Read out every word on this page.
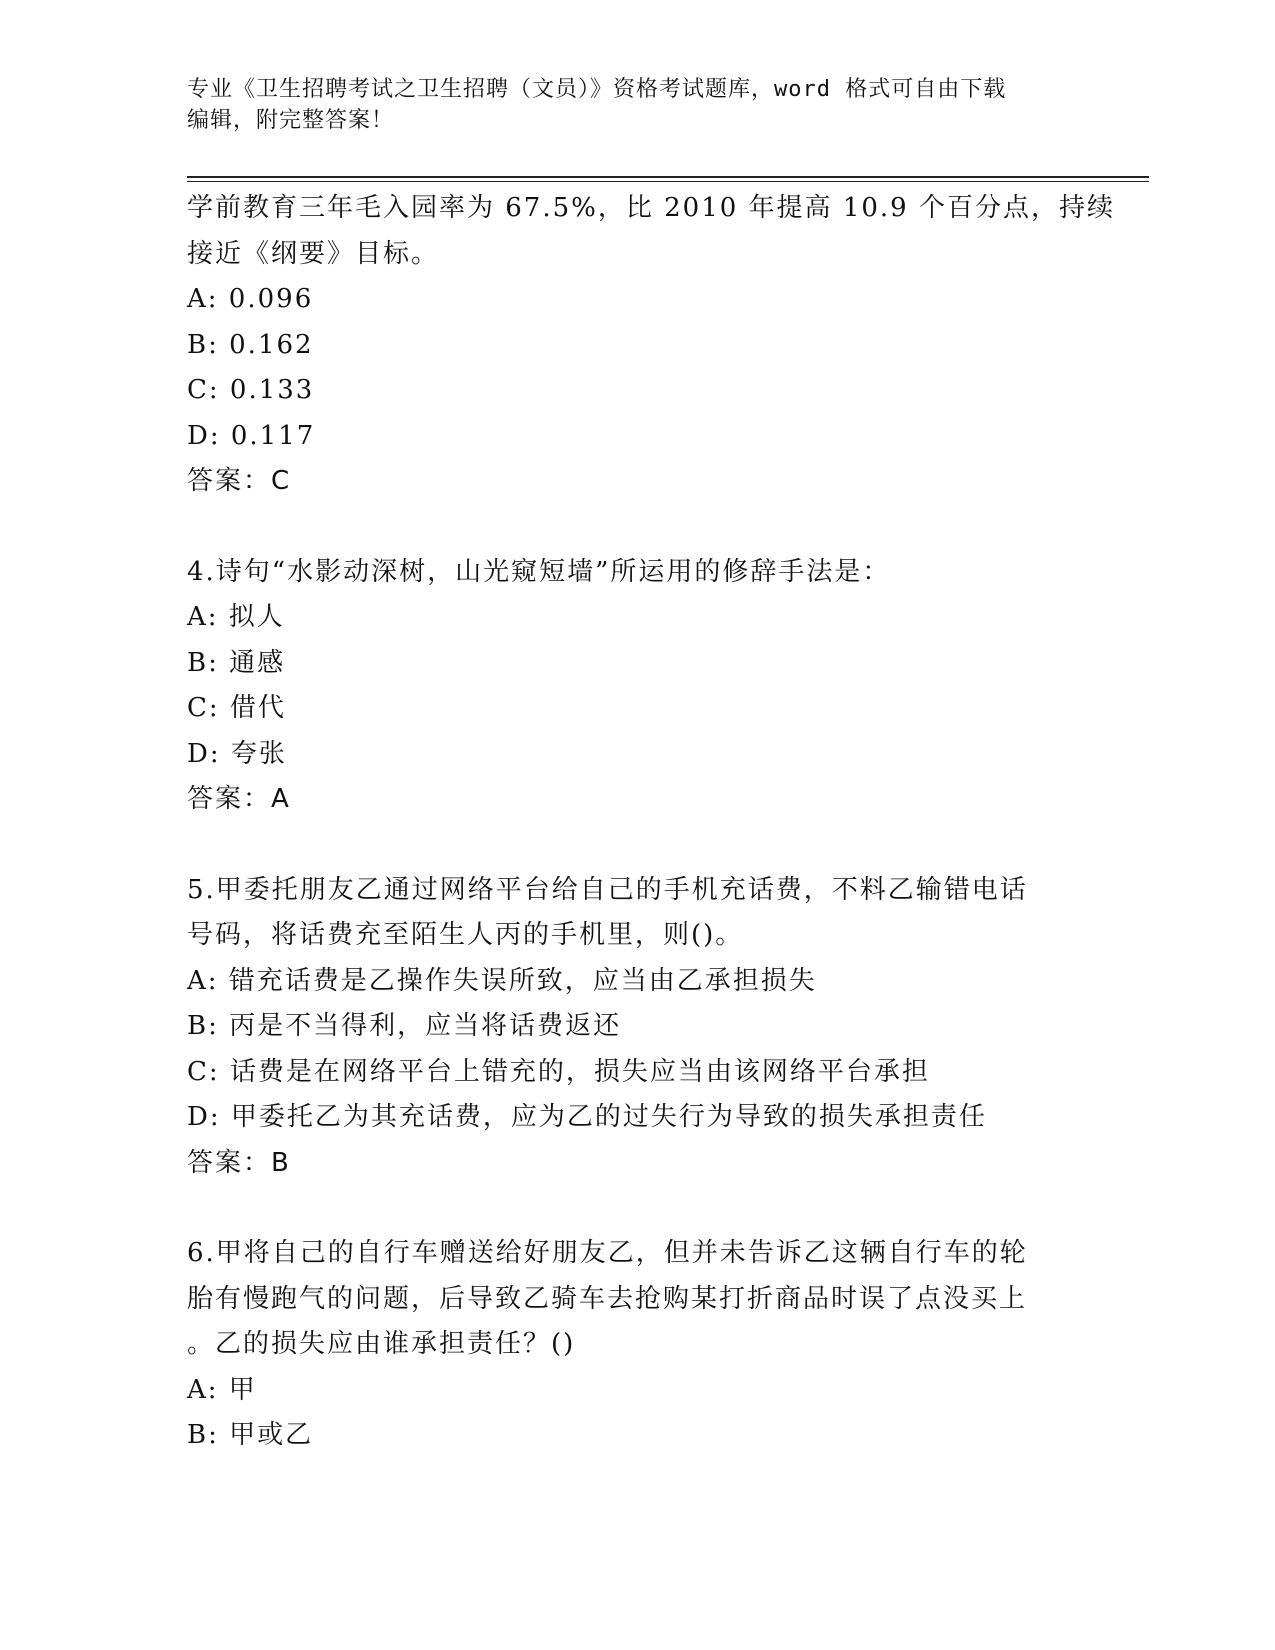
专业《卫生招聘考试之卫生招聘（文员）》资格考试题库，word 格式可自由下载
编辑，附完整答案！
学前教育三年毛入园率为 67.5%，比 2010 年提高 10.9 个百分点，持续
接近《纲要》目标。
A: 0.096
B: 0.162
C: 0.133
D: 0.117
答案：C
4.诗句“水影动深树，山光窥短墙”所运用的修辞手法是：
A: 拟人
B: 通感
C: 借代
D: 夸张
答案：A
5.甲委托朋友乙通过网络平台给自己的手机充话费，不料乙输错电话
号码，将话费充至陌生人丙的手机里，则()。
A: 错充话费是乙操作失误所致，应当由乙承担损失
B: 丙是不当得利，应当将话费返还
C: 话费是在网络平台上错充的，损失应当由该网络平台承担
D: 甲委托乙为其充话费，应为乙的过失行为导致的损失承担责任
答案：B
6.甲将自己的自行车赠送给好朋友乙，但并未告诉乙这辆自行车的轮
胎有慢跑气的问题，后导致乙骑车去抢购某打折商品时误了点没买上
。乙的损失应由谁承担责任？()
A: 甲
B: 甲或乙
